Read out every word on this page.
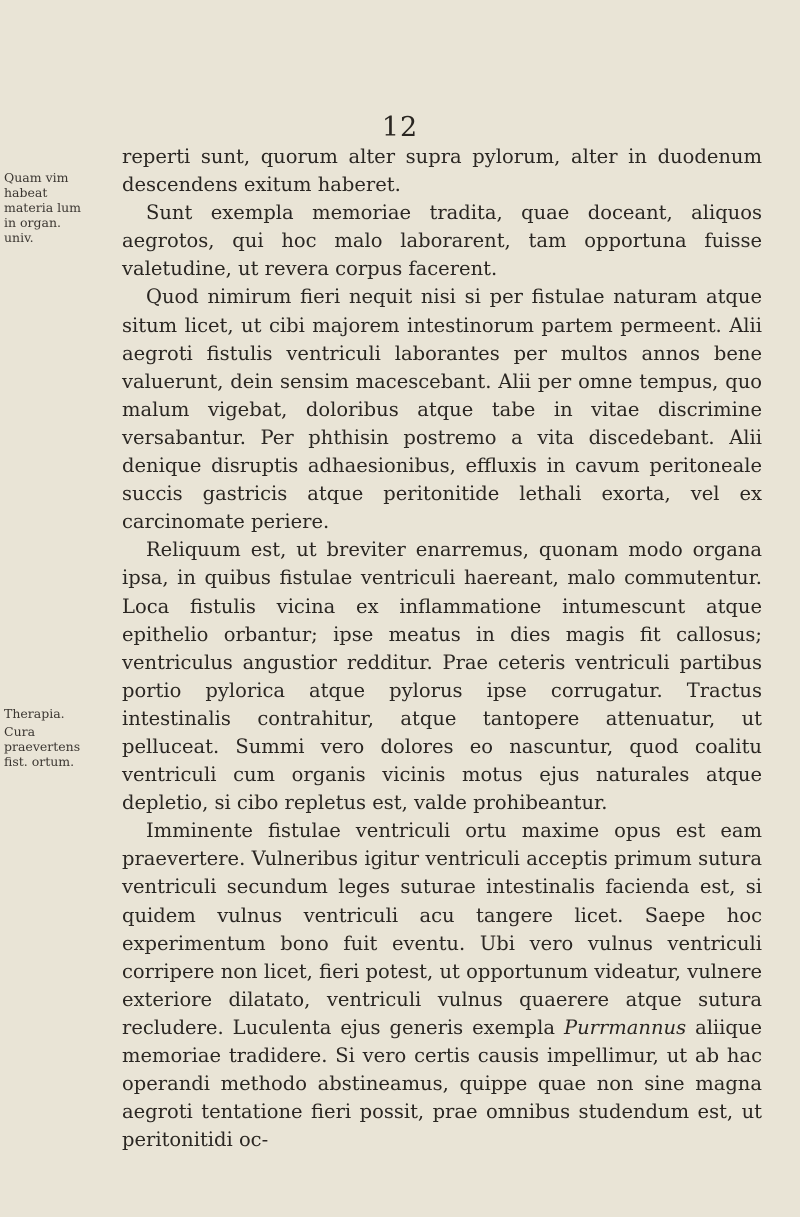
12
Quam vim habeat materia lum in organ. univ.
Therapia.
Cura praevertens fist. ortum.

reperti sunt, quorum alter supra pylorum, alter in duodenum descendens exitum haberet.

Sunt exempla memoriae tradita, quae doceant, aliquos aegrotos, qui hoc malo laborarent, tam opportuna fuisse valetudine, ut revera corpus facerent.

Quod nimirum fieri nequit nisi si per fistulae naturam atque situm licet, ut cibi majorem intestinorum partem permeent. Alii aegroti fistulis ventriculi laborantes per multos annos bene valuerunt, dein sensim macescebant. Alii per omne tempus, quo malum vigebat, doloribus atque tabe in vitae discrimine versabantur. Per phthisin postremo a vita discedebant. Alii denique disruptis adhaesionibus, effluxis in cavum peritoneale succis gastricis atque peritonitide lethali exorta, vel ex carcinomate periere.

Reliquum est, ut breviter enarremus, quonam modo organa ipsa, in quibus fistulae ventriculi haereant, malo commutentur. Loca fistulis vicina ex inflammatione intumescunt atque epithelio orbantur; ipse meatus in dies magis fit callosus; ventriculus angustior redditur. Prae ceteris ventriculi partibus portio pylorica atque pylorus ipse corrugatur. Tractus intestinalis contrahitur, atque tantopere attenuatur, ut pelluceat. Summi vero dolores eo nascuntur, quod coalitu ventriculi cum organis vicinis motus ejus naturales atque depletio, si cibo repletus est, valde prohibeantur.

Imminente fistulae ventriculi ortu maxime opus est eam praevertere. Vulneribus igitur ventriculi acceptis primum sutura ventriculi secundum leges suturae intestinalis facienda est, si quidem vulnus ventriculi acu tangere licet. Saepe hoc experimentum bono fuit eventu. Ubi vero vulnus ventriculi corripere non licet, fieri potest, ut opportunum videatur, vulnere exteriore dilatato, ventriculi vulnus quaerere atque sutura recludere. Luculenta ejus generis exempla Purrmannus aliique memoriae tradidere. Si vero certis causis impellimur, ut ab hac operandi methodo abstineamus, quippe quae non sine magna aegroti tentatione fieri possit, prae omnibus studendum est, ut peritonitidi oc-
